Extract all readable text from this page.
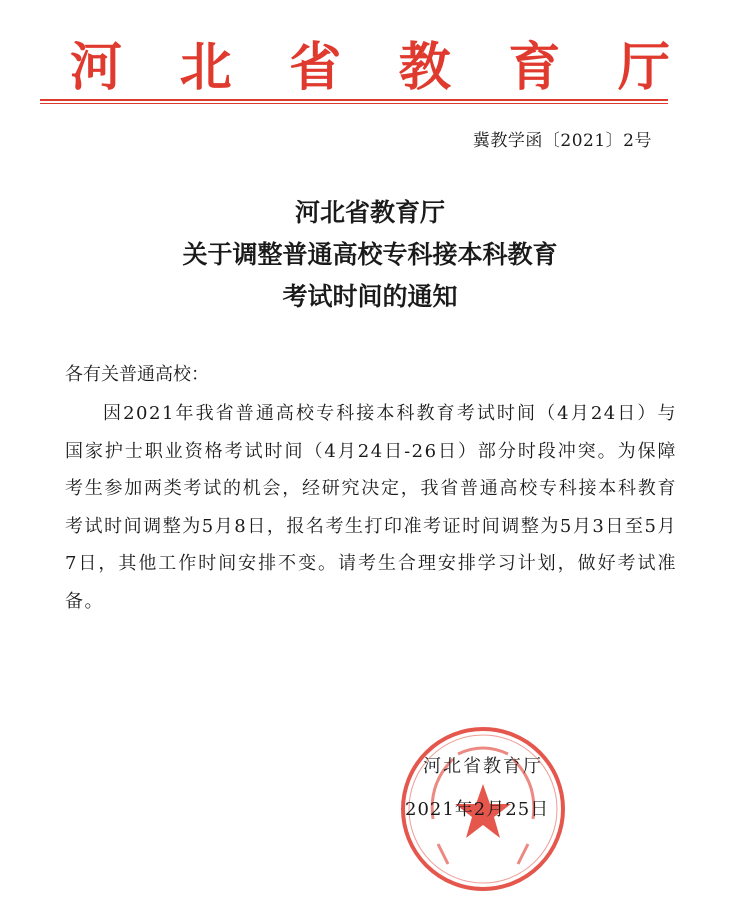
河 北 省 教 育 厅
冀教学函〔2021〕2号
河北省教育厅
关于调整普通高校专科接本科教育
考试时间的通知
各有关普通高校：
因2021年我省普通高校专科接本科教育考试时间（4月24日）与国家护士职业资格考试时间（4月24日-26日）部分时段冲突。为保障考生参加两类考试的机会，经研究决定，我省普通高校专科接本科教育考试时间调整为5月8日，报名考生打印准考证时间调整为5月3日至5月7日，其他工作时间安排不变。请考生合理安排学习计划，做好考试准备。
河北省教育厅
2021年2月25日
